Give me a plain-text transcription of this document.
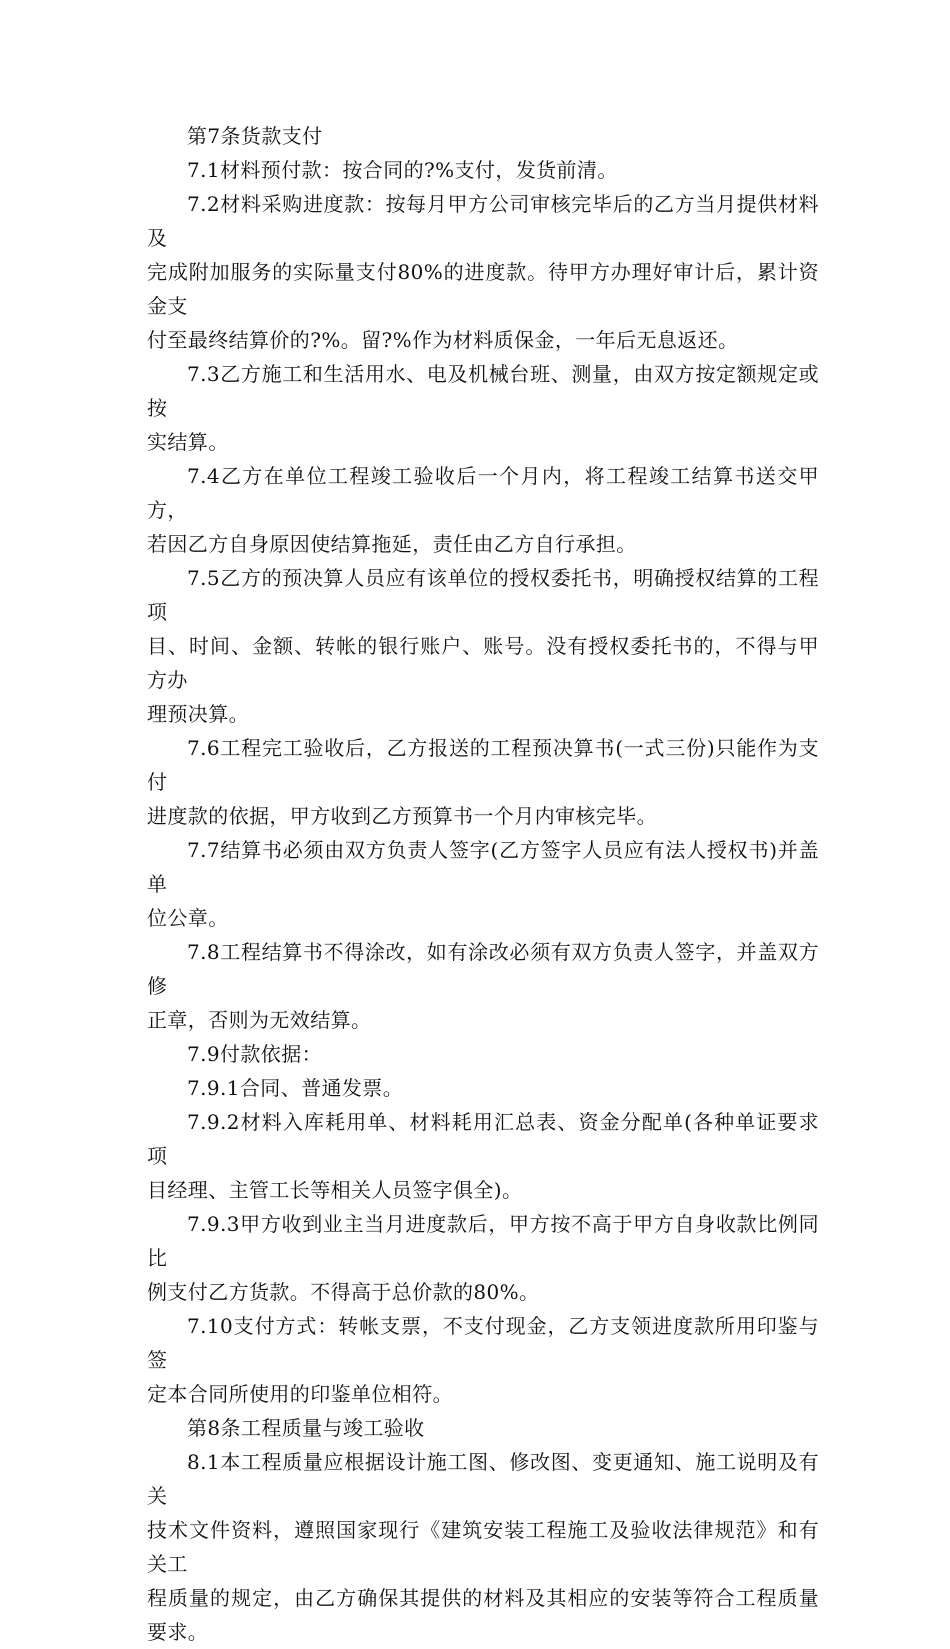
第7条货款支付

7.1材料预付款：按合同的?%支付，发货前清。

7.2材料采购进度款：按每月甲方公司审核完毕后的乙方当月提供材料及
完成附加服务的实际量支付80%的进度款。待甲方办理好审计后，累计资金支
付至最终结算价的?%。留?%作为材料质保金，一年后无息返还。

7.3乙方施工和生活用水、电及机械台班、测量，由双方按定额规定或按
实结算。

7.4乙方在单位工程竣工验收后一个月内，将工程竣工结算书送交甲方，
若因乙方自身原因使结算拖延，责任由乙方自行承担。

7.5乙方的预决算人员应有该单位的授权委托书，明确授权结算的工程项
目、时间、金额、转帐的银行账户、账号。没有授权委托书的，不得与甲方办
理预决算。

7.6工程完工验收后，乙方报送的工程预决算书(一式三份)只能作为支付
进度款的依据，甲方收到乙方预算书一个月内审核完毕。

7.7结算书必须由双方负责人签字(乙方签字人员应有法人授权书)并盖单
位公章。

7.8工程结算书不得涂改，如有涂改必须有双方负责人签字，并盖双方修
正章，否则为无效结算。

7.9付款依据：

7.9.1合同、普通发票。

7.9.2材料入库耗用单、材料耗用汇总表、资金分配单(各种单证要求项
目经理、主管工长等相关人员签字俱全)。

7.9.3甲方收到业主当月进度款后，甲方按不高于甲方自身收款比例同比
例支付乙方货款。不得高于总价款的80%。

7.10支付方式：转帐支票，不支付现金，乙方支领进度款所用印鉴与签
定本合同所使用的印鉴单位相符。

第8条工程质量与竣工验收

8.1本工程质量应根据设计施工图、修改图、变更通知、施工说明及有关
技术文件资料，遵照国家现行《建筑安装工程施工及验收法律规范》和有关工
程质量的规定，由乙方确保其提供的材料及其相应的安装等符合工程质量要求。
